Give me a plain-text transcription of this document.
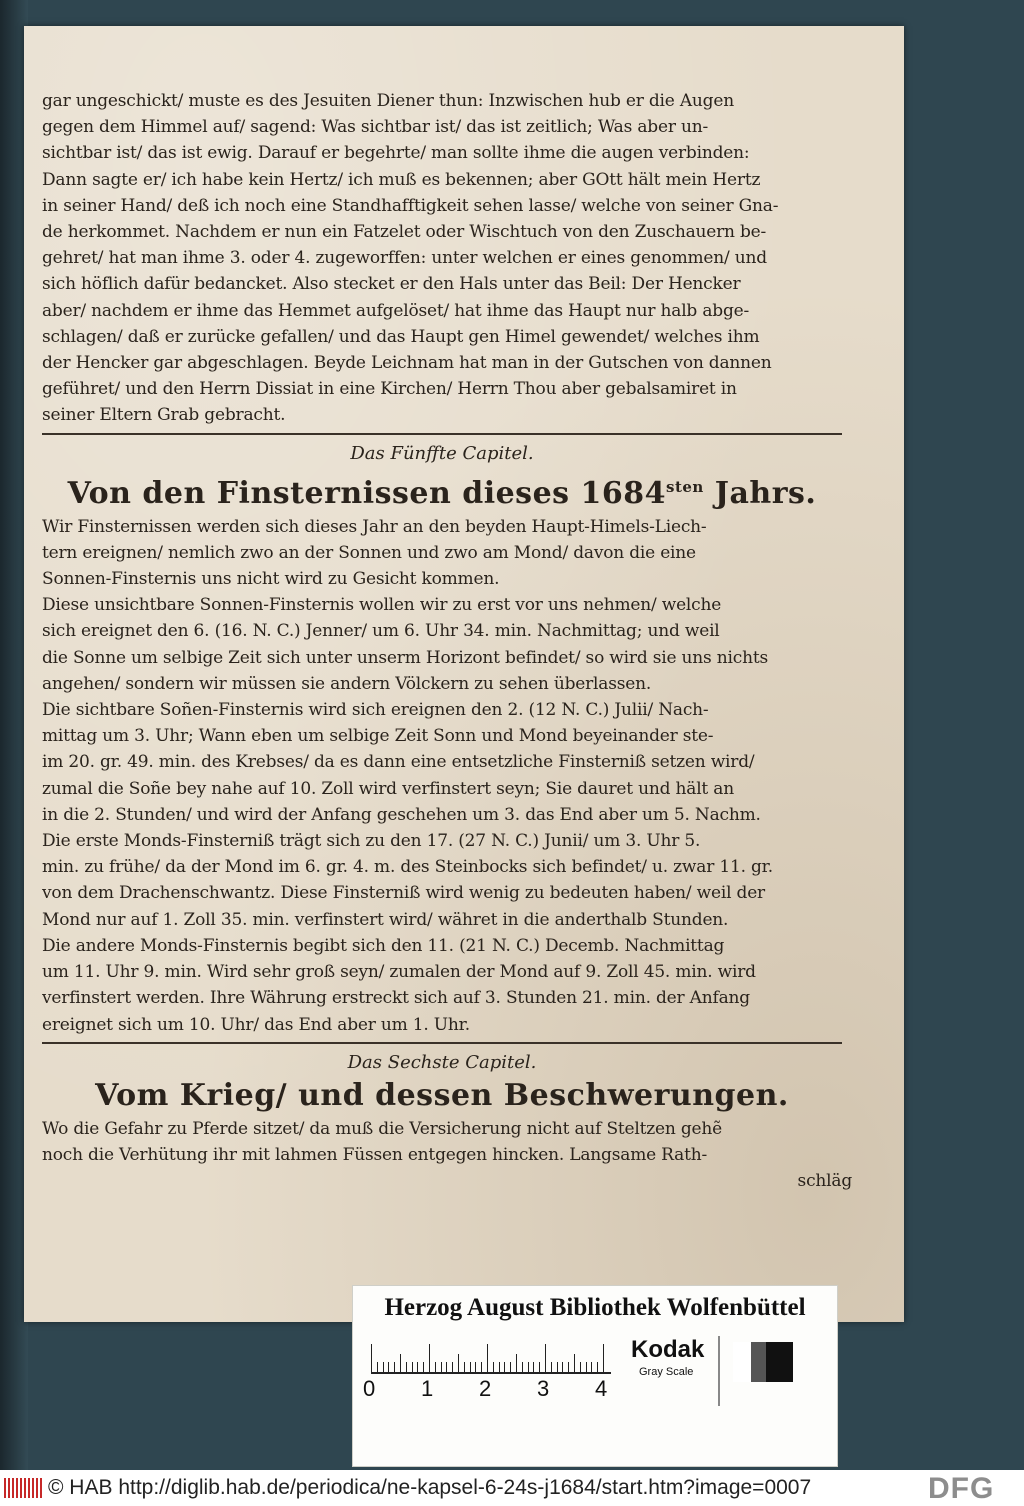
gar ungeschickt/ muste es des Jesuiten Diener thun: Inzwischen hub er die Augen
gegen dem Himmel auf/ sagend: Was sichtbar ist/ das ist zeitlich; Was aber un-
sichtbar ist/ das ist ewig. Darauf er begehrte/ man sollte ihme die augen verbinden:
Dann sagte er/ ich habe kein Hertz/ ich muß es bekennen; aber GOtt hält mein Hertz
in seiner Hand/ deß ich noch eine Standhafftigkeit sehen lasse/ welche von seiner Gna-
de herkommet. Nachdem er nun ein Fatzelet oder Wischtuch von den Zuschauern be-
gehret/ hat man ihme 3. oder 4. zugeworffen: unter welchen er eines genommen/ und
sich höflich dafür bedancket. Also stecket er den Hals unter das Beil: Der Hencker
aber/ nachdem er ihme das Hemmet aufgelöset/ hat ihme das Haupt nur halb abge-
schlagen/ daß er zurücke gefallen/ und das Haupt gen Himel gewendet/ welches ihm
der Hencker gar abgeschlagen. Beyde Leichnam hat man in der Gutschen von dannen
geführet/ und den Herrn Dissiat in eine Kirchen/ Herrn Thou aber gebalsamiret in
seiner Eltern Grab gebracht.
Das Fünffte Capitel.
Von den Finsternissen dieses $1684^{sten}$ Jahrs.
Wir Finsternissen werden sich dieses Jahr an den beyden Haupt-Himels-Liech-
tern ereignen/ nemlich zwo an der Sonnen und zwo am Mond/ davon die eine
Sonnen-Finsternis uns nicht wird zu Gesicht kommen.
Diese unsichtbare Sonnen-Finsternis wollen wir zu erst vor uns nehmen/ welche
sich ereignet den 6. (16. N. C.) Jenner/ um 6. Uhr 34. min. Nachmittag; und weil
die Sonne um selbige Zeit sich unter unserm Horizont befindet/ so wird sie uns nichts
angehen/ sondern wir müssen sie andern Völckern zu sehen überlassen.
Die sichtbare Soñen-Finsternis wird sich ereignen den 2. (12 N. C.) Julii/ Nach-
mittag um 3. Uhr; Wann eben um selbige Zeit Sonn und Mond beyeinander ste-
im 20. gr. 49. min. des Krebses/ da es dann eine entsetzliche Finsterniß setzen wird/
zumal die Soñe bey nahe auf 10. Zoll wird verfinstert seyn; Sie dauret und hält an
in die 2. Stunden/ und wird der Anfang geschehen um 3. das End aber um 5. Nachm.
Die erste Monds-Finsterniß trägt sich zu den 17. (27 N. C.) Junii/ um 3. Uhr 5.
min. zu frühe/ da der Mond im 6. gr. 4. m. des Steinbocks sich befindet/ u. zwar 11. gr.
von dem Drachenschwantz. Diese Finsterniß wird wenig zu bedeuten haben/ weil der
Mond nur auf 1. Zoll 35. min. verfinstert wird/ währet in die anderthalb Stunden.
Die andere Monds-Finsternis begibt sich den 11. (21 N. C.) Decemb. Nachmittag
um 11. Uhr 9. min. Wird sehr groß seyn/ zumalen der Mond auf 9. Zoll 45. min. wird
verfinstert werden. Ihre Währung erstreckt sich auf 3. Stunden 21. min. der Anfang
ereignet sich um 10. Uhr/ das End aber um 1. Uhr.
Das Sechste Capitel.
Vom Krieg/ und dessen Beschwerungen.
Wo die Gefahr zu Pferde sitzet/ da muß die Versicherung nicht auf Steltzen gehẽ
noch die Verhütung ihr mit lahmen Füssen entgegen hincken. Langsame Rath-
schläg
Herzog August Bibliothek Wolfenbüttel
0 1 2 3 4
Kodak
Gray Scale
© HAB http://diglib.hab.de/periodica/ne-kapsel-6-24s-j1684/start.htm?image=0007	DFG
